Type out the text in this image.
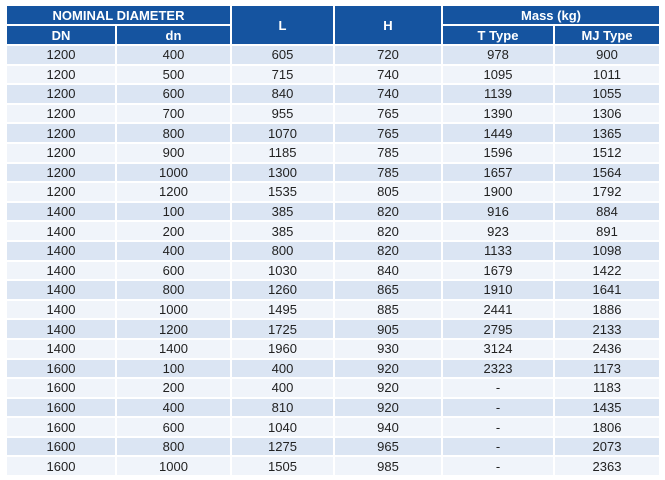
NOMINAL DIAMETER		L	H	Mass (kg)	
DN	dn			T Type	MJ Type
1200	400	605	720	978	900
1200	500	715	740	1095	1011
1200	600	840	740	1139	1055
1200	700	955	765	1390	1306
1200	800	1070	765	1449	1365
1200	900	1185	785	1596	1512
1200	1000	1300	785	1657	1564
1200	1200	1535	805	1900	1792
1400	100	385	820	916	884
1400	200	385	820	923	891
1400	400	800	820	1133	1098
1400	600	1030	840	1679	1422
1400	800	1260	865	1910	1641
1400	1000	1495	885	2441	1886
1400	1200	1725	905	2795	2133
1400	1400	1960	930	3124	2436
1600	100	400	920	2323	1173
1600	200	400	920	-	1183
1600	400	810	920	-	1435
1600	600	1040	940	-	1806
1600	800	1275	965	-	2073
1600	1000	1505	985	-	2363
